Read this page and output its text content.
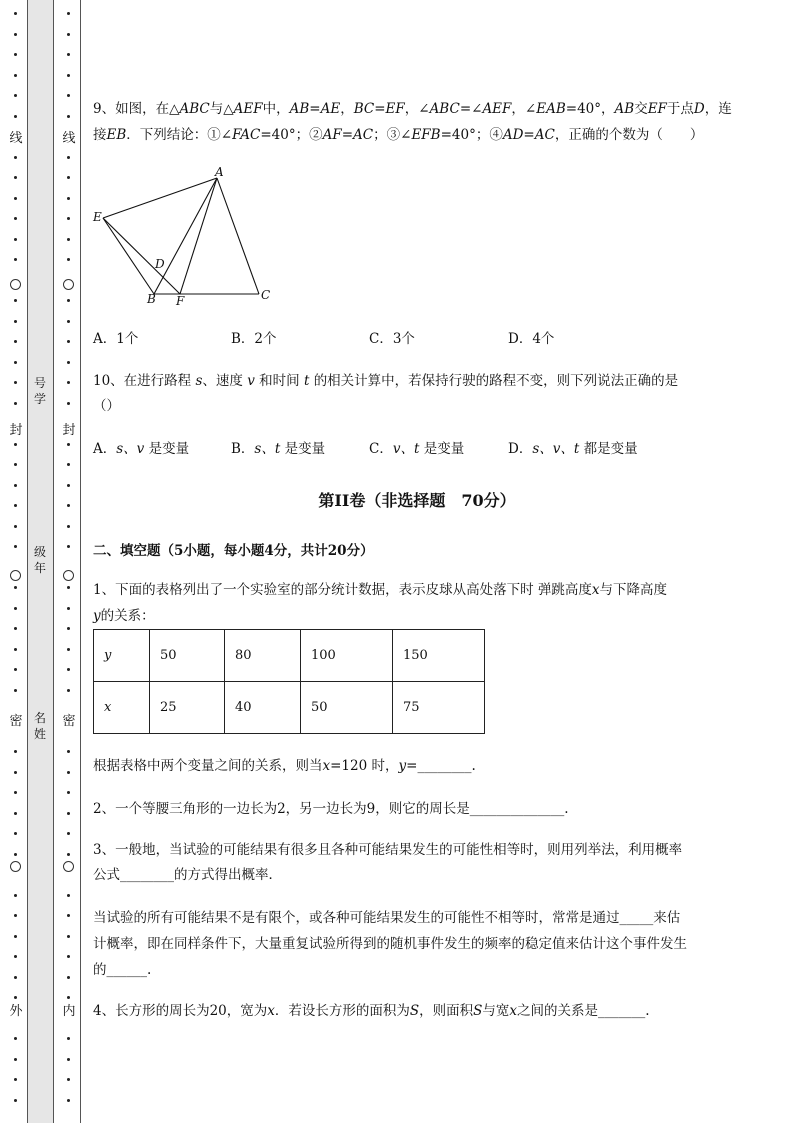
线
封
密
外
线
封
密
内
号学
级年
名姓
9、如图，在△ABC与△AEF中，AB=AE，BC=EF，∠ABC=∠AEF，∠EAB=40°，AB交EF于点D，连
接EB．下列结论：①∠FAC=40°；②AF=AC；③∠EFB=40°；④AD=AC，正确的个数为（　　）
A
E
D
B F	C
A．1个	B．2个	C．3个	D．4个
10、在进行路程 s、速度 v 和时间 t 的相关计算中，若保持行驶的路程不变，则下列说法正确的是
（）
A．s、v 是变量	B．s、t 是变量	C．v、t 是变量	D．s、v、t 都是变量
第II卷（非选择题　70分）
二、填空题（5小题，每小题4分，共计20分）
1、下面的表格列出了一个实验室的部分统计数据，表示皮球从高处落下时 弹跳高度x与下降高度
y的关系：
y	50	80	100	150
x	25	40	50	75
根据表格中两个变量之间的关系，则当x=120 时，y=________.
2、一个等腰三角形的一边长为2，另一边长为9，则它的周长是______________.
3、一般地，当试验的可能结果有很多且各种可能结果发生的可能性相等时，则用列举法，利用概率
公式________的方式得出概率．
当试验的所有可能结果不是有限个，或各种可能结果发生的可能性不相等时，常常是通过_____来估
计概率，即在同样条件下，大量重复试验所得到的随机事件发生的频率的稳定值来估计这个事件发生
的______.
4、长方形的周长为20，宽为x．若设长方形的面积为S，则面积S与宽x之间的关系是_______.
